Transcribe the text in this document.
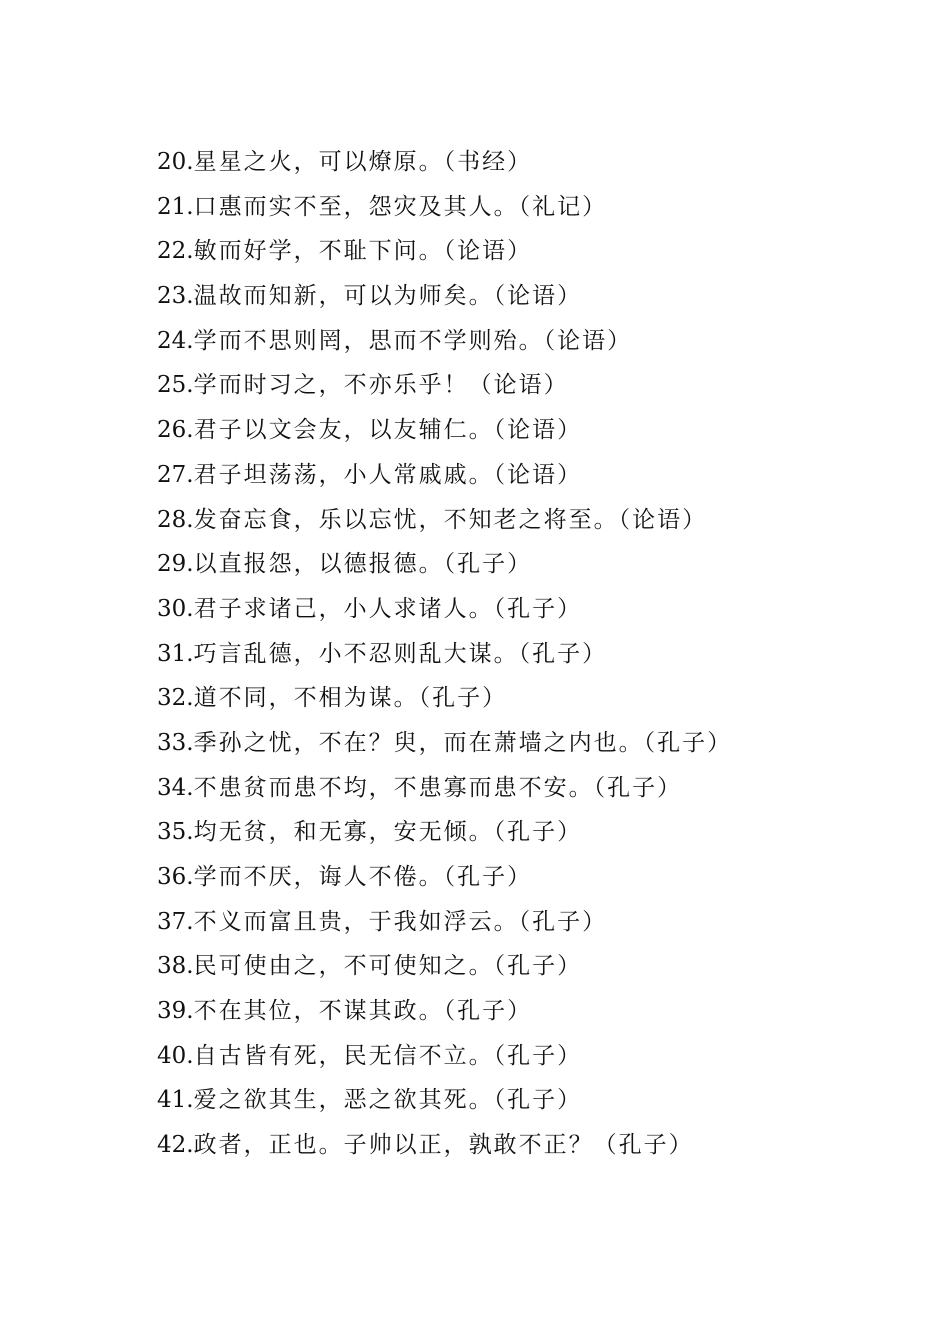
20.星星之火，可以燎原。（书经）
21.口惠而实不至，怨灾及其人。（礼记）
22.敏而好学，不耻下问。（论语）
23.温故而知新，可以为师矣。（论语）
24.学而不思则罔，思而不学则殆。（论语）
25.学而时习之，不亦乐乎！（论语）
26.君子以文会友，以友辅仁。（论语）
27.君子坦荡荡，小人常戚戚。（论语）
28.发奋忘食，乐以忘忧，不知老之将至。（论语）
29.以直报怨，以德报德。（孔子）
30.君子求诸己，小人求诸人。（孔子）
31.巧言乱德，小不忍则乱大谋。（孔子）
32.道不同，不相为谋。（孔子）
33.季孙之忧，不在？臾，而在萧墙之内也。（孔子）
34.不患贫而患不均，不患寡而患不安。（孔子）
35.均无贫，和无寡，安无倾。（孔子）
36.学而不厌，诲人不倦。（孔子）
37.不义而富且贵，于我如浮云。（孔子）
38.民可使由之，不可使知之。（孔子）
39.不在其位，不谋其政。（孔子）
40.自古皆有死，民无信不立。（孔子）
41.爱之欲其生，恶之欲其死。（孔子）
42.政者，正也。子帅以正，孰敢不正？（孔子）
